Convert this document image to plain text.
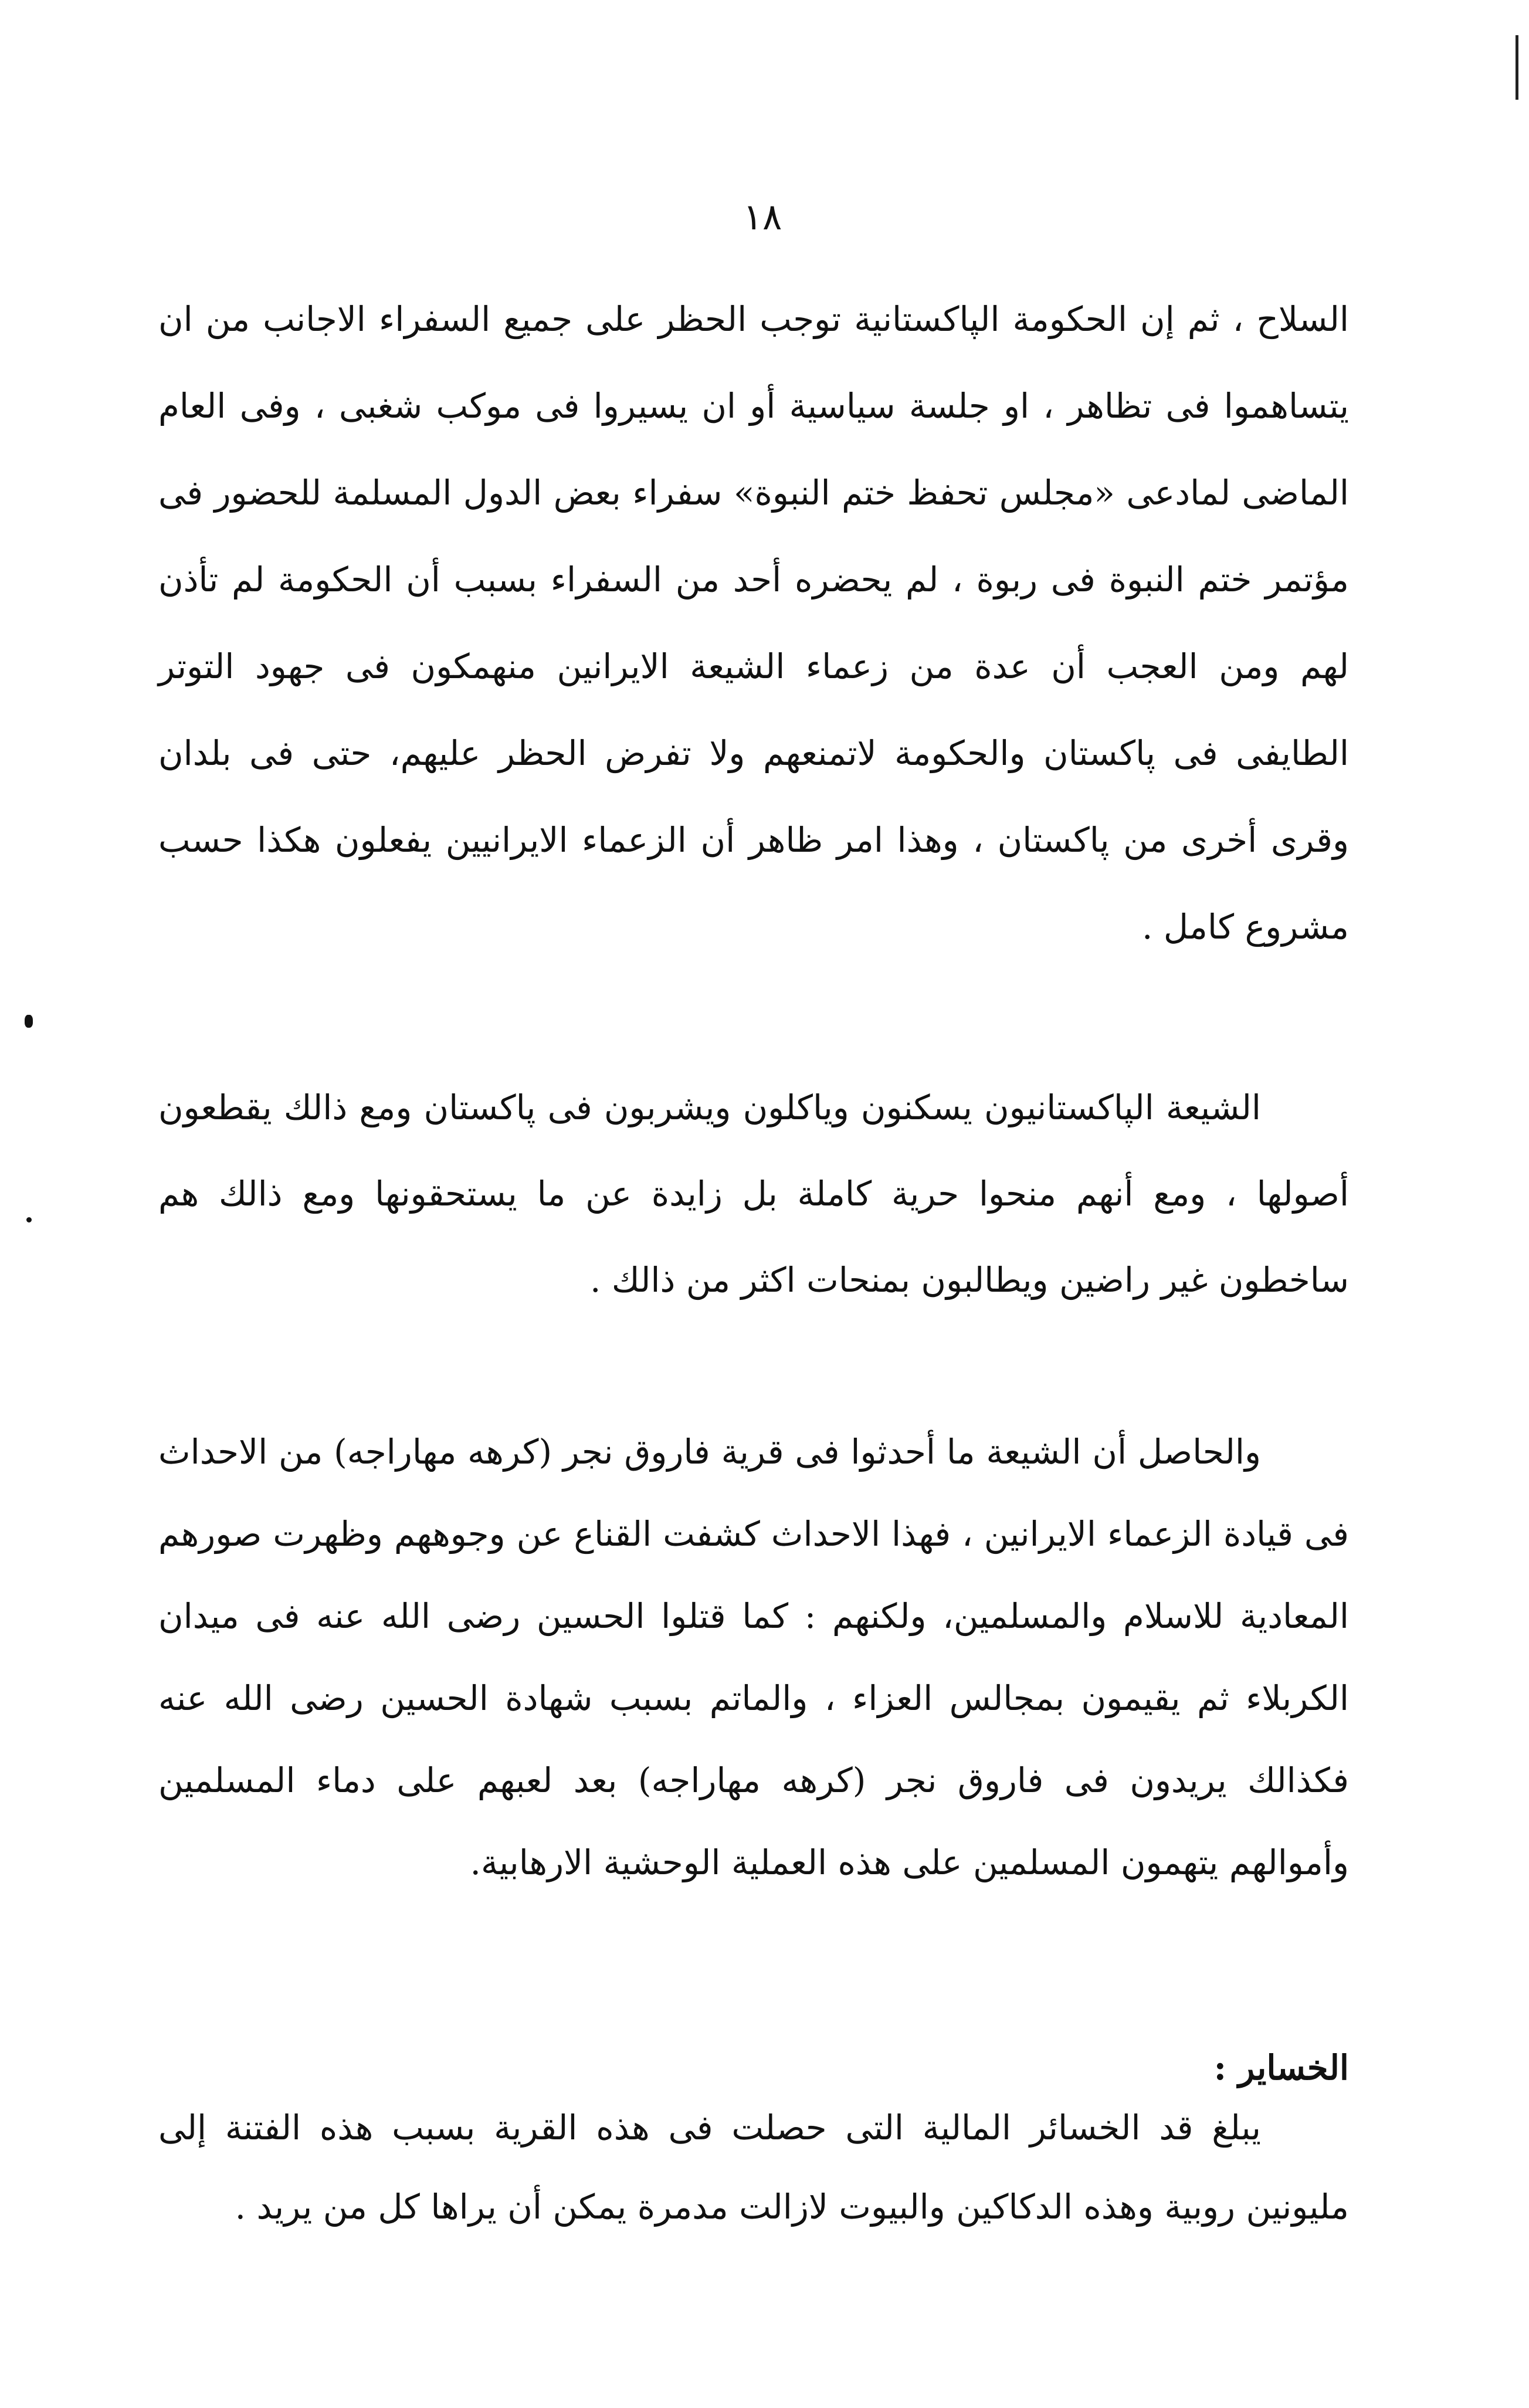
١٨

السلاح ، ثم إن الحكومة الپاكستانية توجب الحظر على جميع السفراء الاجانب من ان يتساهموا فى تظاهر ، او جلسة سياسية أو ان يسيروا فى موكب شغبى ، وفى العام الماضى لمادعى «مجلس تحفظ ختم النبوة» سفراء بعض الدول المسلمة للحضور فى مؤتمر ختم النبوة فى ربوة ، لم يحضره أحد من السفراء بسبب أن الحكومة لم تأذن لهم ومن العجب أن عدة من زعماء الشيعة الايرانين منهمكون فى جهود التوتر الطايفى فى پاكستان والحكومة لاتمنعهم ولا تفرض الحظر عليهم، حتى فى بلدان وقرى أخرى من پاكستان ، وهذا امر ظاهر أن الزعماء الايرانيين يفعلون هكذا حسب مشروع كامل .

الشيعة الپاكستانيون يسكنون وياكلون ويشربون فى پاكستان ومع ذالك يقطعون أصولها ، ومع أنهم منحوا حرية كاملة بل زايدة عن ما يستحقونها ومع ذالك هم ساخطون غير راضين ويطالبون بمنحات اكثر من ذالك .

والحاصل أن الشيعة ما أحدثوا فى قرية فاروق نجر (كرهه مهاراجه) من الاحداث فى قيادة الزعماء الايرانين ، فهذا الاحداث كشفت القناع عن وجوههم وظهرت صورهم المعادية للاسلام والمسلمين، ولكنهم : كما قتلوا الحسين رضى الله عنه فى ميدان الكربلاء ثم يقيمون بمجالس العزاء ، والماتم بسبب شهادة الحسين رضى الله عنه فكذالك يريدون فى فاروق نجر (كرهه مهاراجه) بعد لعبهم على دماء المسلمين وأموالهم يتهمون المسلمين على هذه العملية الوحشية الارهابية.

الخساير :

يبلغ قد الخسائر المالية التى حصلت فى هذه القرية بسبب هذه الفتنة إلى مليونين روبية وهذه الدكاكين والبيوت لازالت مدمرة يمكن أن يراها كل من يريد .
